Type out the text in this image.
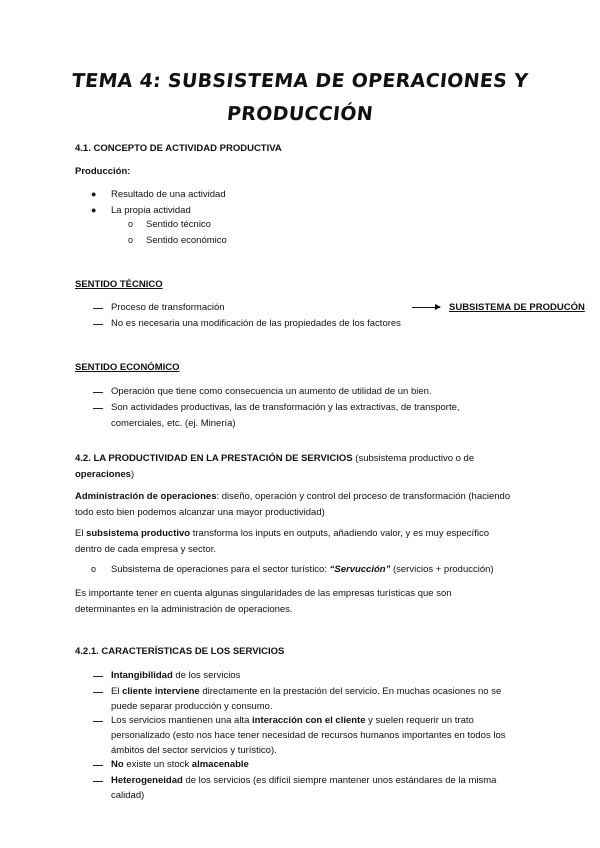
TEMA 4: SUBSISTEMA DE OPERACIONES Y
PRODUCCIÓN
4.1. CONCEPTO DE ACTIVIDAD PRODUCTIVA
Producción:
● Resultado de una actividad
● La propia actividad
o Sentido técnico
o Sentido económico
SENTIDO TÉCNICO
Proceso de transformación	SUBSISTEMA DE PRODUCÓN
No es necesaria una modificación de las propiedades de los factores
SENTIDO ECONÓMICO
Operación que tiene como consecuencia un aumento de utilidad de un bien.
Son actividades productivas, las de transformación y las extractivas, de transporte,
comerciales, etc. (ej. Minería)
4.2. LA PRODUCTIVIDAD EN LA PRESTACIÓN DE SERVICIOS (subsistema productivo o de
operaciones)
Administración de operaciones: diseño, operación y control del proceso de transformación (haciendo
todo esto bien podemos alcanzar una mayor productividad)
El subsistema productivo transforma los inputs en outputs, añadiendo valor, y es muy específico
dentro de cada empresa y sector.
o Subsistema de operaciones para el sector turístico: “Servucción” (servicios + producción)
Es importante tener en cuenta algunas singularidades de las empresas turísticas que son
determinantes en la administración de operaciones.
4.2.1. CARACTERÍSTICAS DE LOS SERVICIOS
Intangibilidad de los servicios
El cliente interviene directamente en la prestación del servicio. En muchas ocasiones no se
puede separar producción y consumo.
Los servicios mantienen una alta interacción con el cliente y suelen requerir un trato
personalizado (esto nos hace tener necesidad de recursos humanos importantes en todos los
ámbitos del sector servicios y turístico).
No existe un stock almacenable
Heterogeneidad de los servicios (es difícil siempre mantener unos estándares de la misma
calidad)
